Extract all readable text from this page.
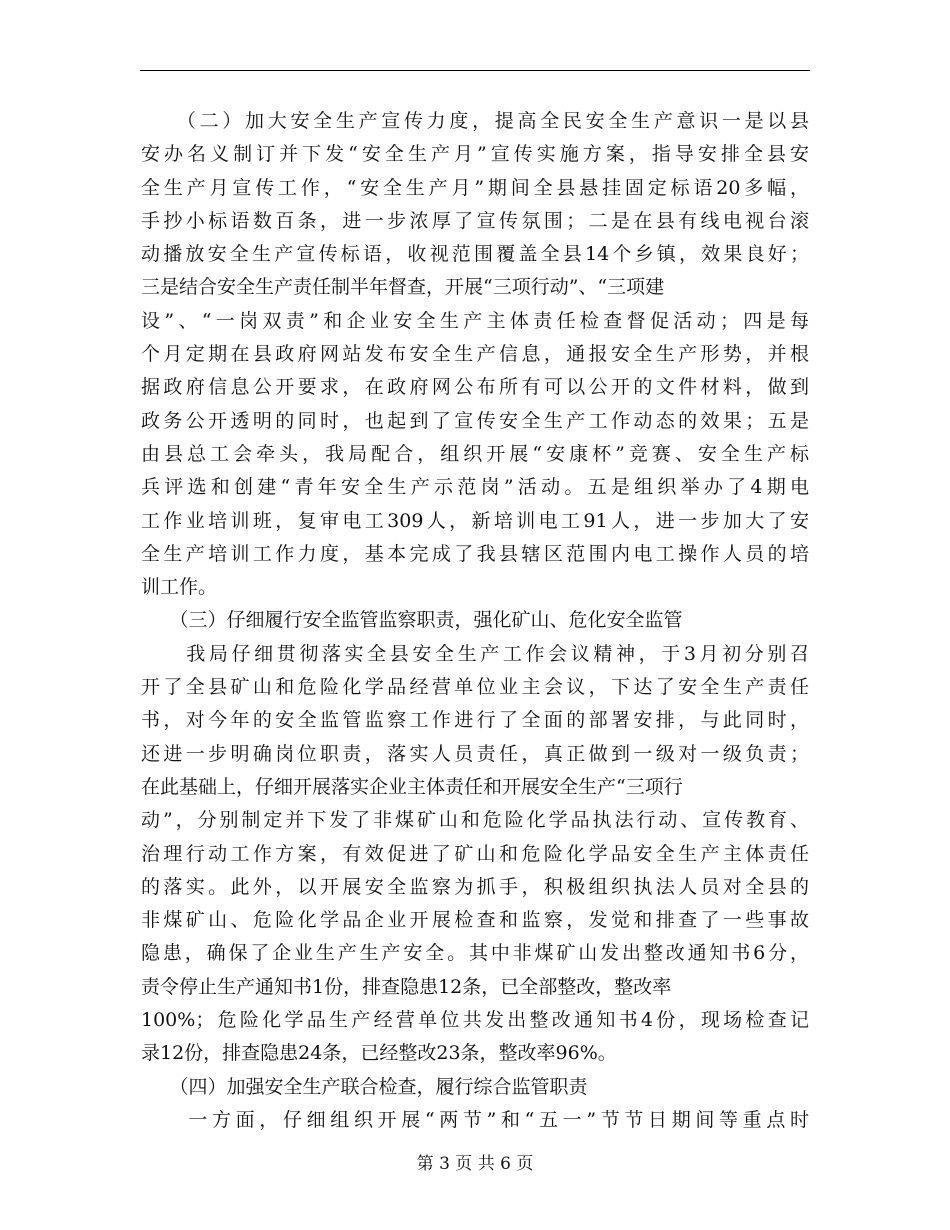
　　（二）加大安全生产宣传力度，提高全民安全生产意识一是以县
安办名义制订并下发“安全生产月”宣传实施方案，指导安排全县安
全生产月宣传工作，“安全生产月”期间全县悬挂固定标语20多幅，
手抄小标语数百条，进一步浓厚了宣传氛围；二是在县有线电视台滚
动播放安全生产宣传标语，收视范围覆盖全县14个乡镇，效果良好；
三是结合安全生产责任制半年督查，开展“三项行动”、“三项建
设”、“一岗双责”和企业安全生产主体责任检查督促活动；四是每
个月定期在县政府网站发布安全生产信息，通报安全生产形势，并根
据政府信息公开要求，在政府网公布所有可以公开的文件材料，做到
政务公开透明的同时，也起到了宣传安全生产工作动态的效果；五是
由县总工会牵头，我局配合，组织开展“安康杯”竞赛、安全生产标
兵评选和创建“青年安全生产示范岗”活动。五是组织举办了4期电
工作业培训班，复审电工309人，新培训电工91人，进一步加大了安
全生产培训工作力度，基本完成了我县辖区范围内电工操作人员的培
训工作。
　　（三）仔细履行安全监管监察职责，强化矿山、危化安全监管
　　我局仔细贯彻落实全县安全生产工作会议精神，于3月初分别召
开了全县矿山和危险化学品经营单位业主会议，下达了安全生产责任
书，对今年的安全监管监察工作进行了全面的部署安排，与此同时，
还进一步明确岗位职责，落实人员责任，真正做到一级对一级负责；
在此基础上，仔细开展落实企业主体责任和开展安全生产“三项行
动”，分别制定并下发了非煤矿山和危险化学品执法行动、宣传教育、
治理行动工作方案，有效促进了矿山和危险化学品安全生产主体责任
的落实。此外，以开展安全监察为抓手，积极组织执法人员对全县的
非煤矿山、危险化学品企业开展检查和监察，发觉和排查了一些事故
隐患，确保了企业生产生产安全。其中非煤矿山发出整改通知书6分，
责令停止生产通知书1份，排查隐患12条，已全部整改，整改率
100%；危险化学品生产经营单位共发出整改通知书4份，现场检查记
录12份，排查隐患24条，已经整改23条，整改率96%。
　　（四）加强安全生产联合检查，履行综合监管职责
　　一方面，仔细组织开展“两节”和“五一”节节日期间等重点时
第 3 页 共 6 页
